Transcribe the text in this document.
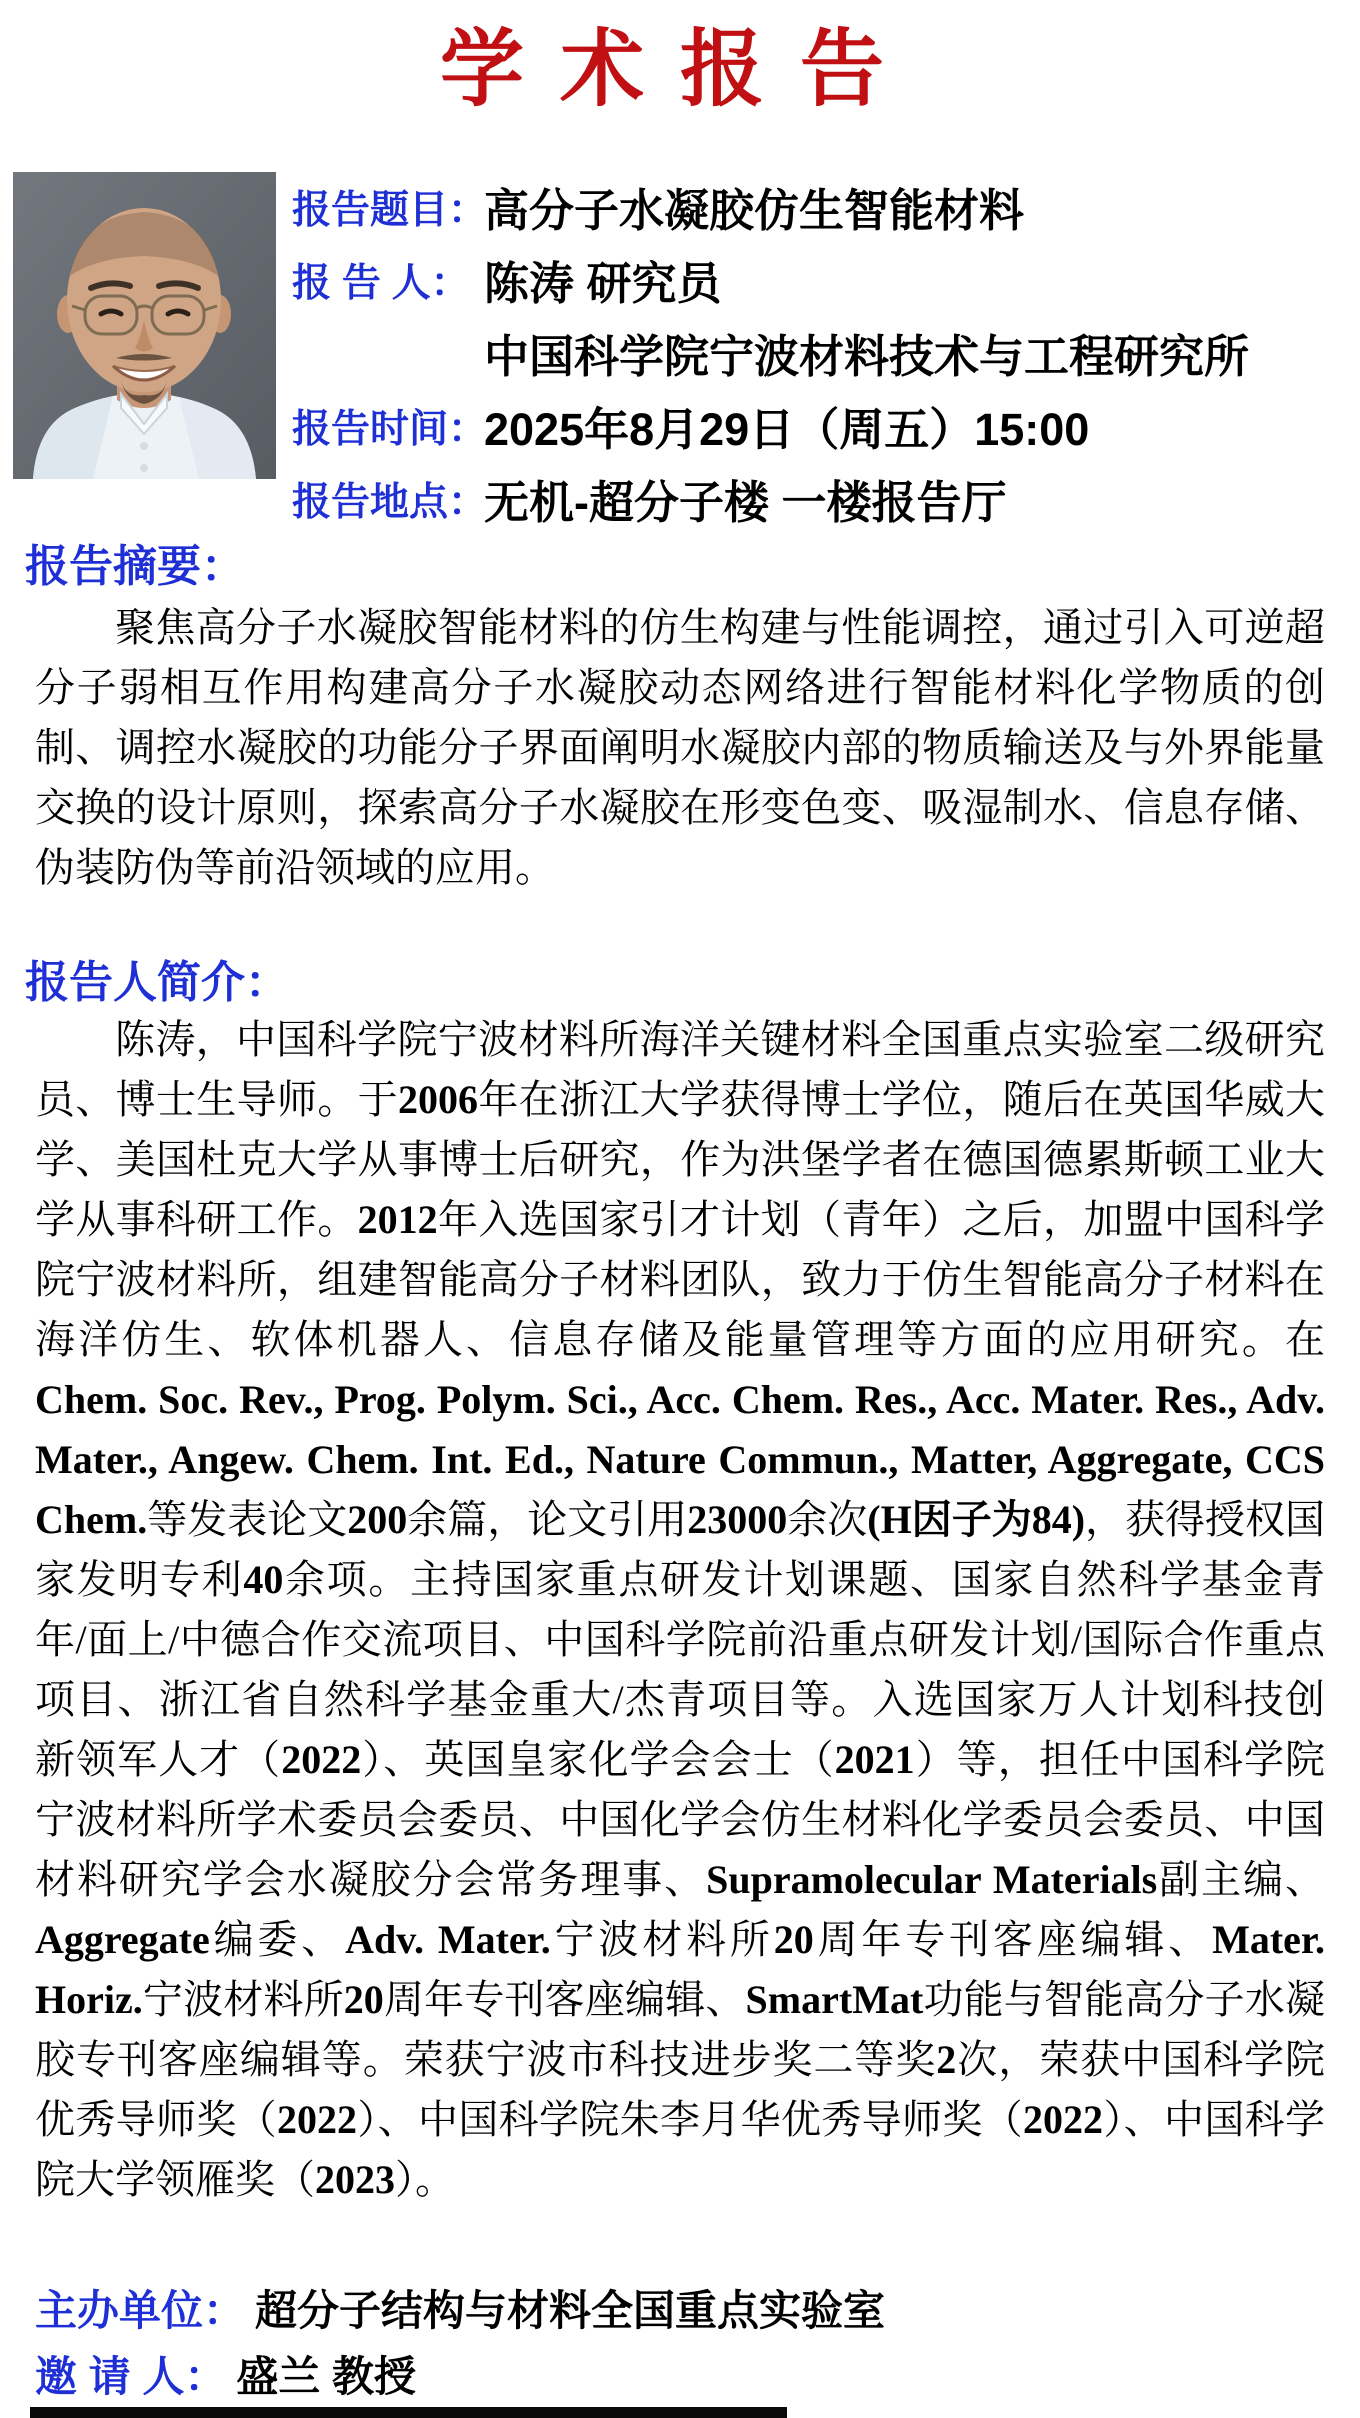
学术报告
报告题目：
高分子水凝胶仿生智能材料
报 告 人： 陈涛 研究员
中国科学院宁波材料技术与工程研究所
报告时间：
2025年8月29日（周五）15:00
报告地点：
无机-超分子楼 一楼报告厅
报告摘要：

聚焦高分子水凝胶智能材料的仿生构建与性能调控，通过引入可逆超分子弱相互作用构建高分子水凝胶动态网络进行智能材料化学物质的创制、调控水凝胶的功能分子界面阐明水凝胶内部的物质输送及与外界能量交换的设计原则，探索高分子水凝胶在形变色变、吸湿制水、信息存储、伪装防伪等前沿领域的应用。

报告人简介：

陈涛，中国科学院宁波材料所海洋关键材料全国重点实验室二级研究员、博士生导师。于2006年在浙江大学获得博士学位，随后在英国华威大学、美国杜克大学从事博士后研究，作为洪堡学者在德国德累斯顿工业大学从事科研工作。2012年入选国家引才计划（青年）之后，加盟中国科学院宁波材料所，组建智能高分子材料团队，致力于仿生智能高分子材料在海洋仿生、软体机器人、信息存储及能量管理等方面的应用研究。在Chem. Soc. Rev., Prog. Polym. Sci., Acc. Chem. Res., Acc. Mater. Res., Adv. Mater., Angew. Chem. Int. Ed., Nature Commun., Matter, Aggregate, CCS Chem.等发表论文200余篇，论文引用23000余次(H因子为84)，获得授权国家发明专利40余项。主持国家重点研发计划课题、国家自然科学基金青年/面上/中德合作交流项目、中国科学院前沿重点研发计划/国际合作重点项目、浙江省自然科学基金重大/杰青项目等。入选国家万人计划科技创新领军人才（2022）、英国皇家化学会会士（2021）等，担任中国科学院宁波材料所学术委员会委员、中国化学会仿生材料化学委员会委员、中国材料研究学会水凝胶分会常务理事、Supramolecular Materials副主编、Aggregate编委、Adv. Mater.宁波材料所20周年专刊客座编辑、Mater. Horiz.宁波材料所20周年专刊客座编辑、SmartMat功能与智能高分子水凝胶专刊客座编辑等。荣获宁波市科技进步奖二等奖2次，荣获中国科学院优秀导师奖（2022）、中国科学院朱李月华优秀导师奖（2022）、中国科学院大学领雁奖（2023）。

主办单位： 超分子结构与材料全国重点实验室
邀 请 人： 盛兰 教授
